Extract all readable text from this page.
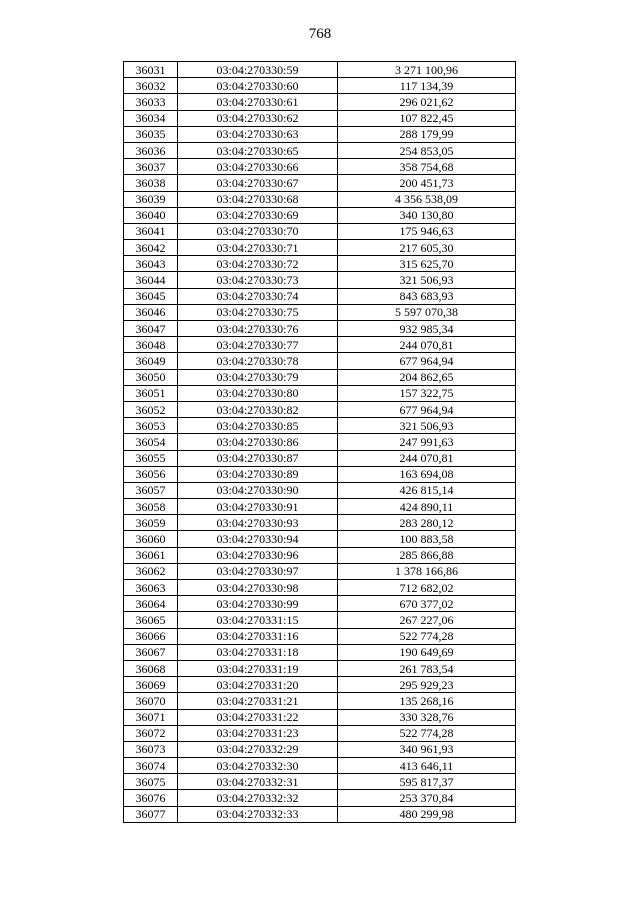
768
36031	03:04:270330:59	3 271 100,96
36032	03:04:270330:60	117 134,39
36033	03:04:270330:61	296 021,62
36034	03:04:270330:62	107 822,45
36035	03:04:270330:63	288 179,99
36036	03:04:270330:65	254 853,05
36037	03:04:270330:66	358 754,68
36038	03:04:270330:67	200 451,73
36039	03:04:270330:68	4 356 538,09
36040	03:04:270330:69	340 130,80
36041	03:04:270330:70	175 946,63
36042	03:04:270330:71	217 605,30
36043	03:04:270330:72	315 625,70
36044	03:04:270330:73	321 506,93
36045	03:04:270330:74	843 683,93
36046	03:04:270330:75	5 597 070,38
36047	03:04:270330:76	932 985,34
36048	03:04:270330:77	244 070,81
36049	03:04:270330:78	677 964,94
36050	03:04:270330:79	204 862,65
36051	03:04:270330:80	157 322,75
36052	03:04:270330:82	677 964,94
36053	03:04:270330:85	321 506,93
36054	03:04:270330:86	247 991,63
36055	03:04:270330:87	244 070,81
36056	03:04:270330:89	163 694,08
36057	03:04:270330:90	426 815,14
36058	03:04:270330:91	424 890,11
36059	03:04:270330:93	283 280,12
36060	03:04:270330:94	100 883,58
36061	03:04:270330:96	285 866,88
36062	03:04:270330:97	1 378 166,86
36063	03:04:270330:98	712 682,02
36064	03:04:270330:99	670 377,02
36065	03:04:270331:15	267 227,06
36066	03:04:270331:16	522 774,28
36067	03:04:270331:18	190 649,69
36068	03:04:270331:19	261 783,54
36069	03:04:270331:20	295 929,23
36070	03:04:270331:21	135 268,16
36071	03:04:270331:22	330 328,76
36072	03:04:270331:23	522 774,28
36073	03:04:270332:29	340 961,93
36074	03:04:270332:30	413 646,11
36075	03:04:270332:31	595 817,37
36076	03:04:270332:32	253 370,84
36077	03:04:270332:33	480 299,98
